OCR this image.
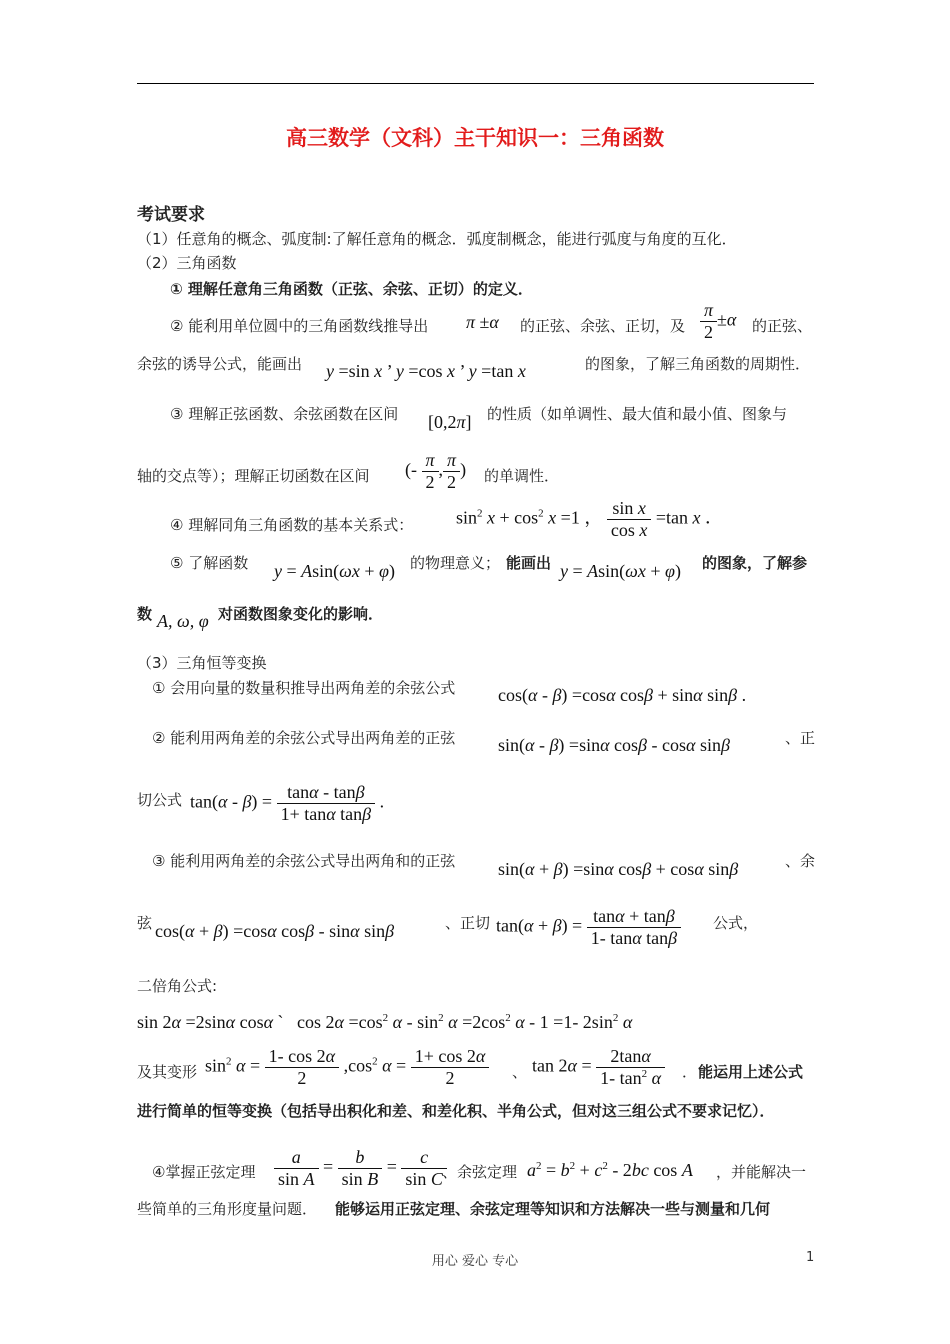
高三数学（文科）主干知识一：三角函数
考试要求
（1）任意角的概念、弧度制:了解任意角的概念．弧度制概念，能进行弧度与角度的互化．
（2）三角函数
① 理解任意角三角函数（正弦、余弦、正切）的定义．
② 能利用单位圆中的三角函数线推导出 π ±α 的正弦、余弦、正切，及 $\frac{\pi}{2} \pm\alpha$ 的正弦、
余弦的诱导公式，能画出 y =sin x ’ y =cos x ’ y =tan x	的图象，了解三角函数的周期性．
③ 理解正弦函数、余弦函数在区间 [0,2π] 的性质（如单调性、最大值和最小值、图象与
轴的交点等）；理解正切函数在区间 (- $\frac{\pi}{2}$ , $\frac{\pi}{2}$ ) 的单调性．
④ 理解同角三角函数的基本关系式： $\sin^2 x + \cos^2 x =1$ ， $\frac{\text{sin x}}{\text{cos x}} =\tan$ x ．
⑤ 了解函数 y = Asin(ωx + φ) 的物理意义； 能画出 y = Asin(ωx + φ) 的图象，了解参
数 A, ω, φ 对函数图象变化的影响．
（3）三角恒等变换
① 会用向量的数量积推导出两角差的余弦公式 cos(α - β) =cosα cosβ + sinα sinβ .
② 能利用两角差的余弦公式导出两角差的正弦 sin(α - β) =sinα cosβ - cosα sinβ	、正
切公式 $\tan(\alpha - \beta) = \frac{\tan\alpha - \tan\beta}{\text{1+ tanα tanβ}}$ .
③ 能利用两角差的余弦公式导出两角和的正弦 sin(α + β) =sinα cosβ + cosα sinβ	、余
弦 cos(α + β) =cosα cosβ - sinα sinβ	、正切 $\tan(\alpha + \beta) = \frac{\tan\alpha + \tan\beta}{\text{1- tanα tanβ}}$ 公式，
二倍角公式:
sin 2α =2sinα cosα `   $\cos 2\alpha =\cos^2$ $\alpha - \sin^2 \alpha =2\cos^2$ α - 1 =1- $2\sin^2$ α
及其变形 $\sin^2 \alpha = \frac{1- \cos 2\alpha}{2} ,\cos^2$ $\alpha = \frac{1+ \cos 2\alpha}{2}$ 、 $\tan 2\alpha = \frac{2\tan\alpha}{1- \tan^2 \alpha}$ ． 能运用上述公式
进行简单的恒等变换（包括导出积化和差、和差化积、半角公式，但对这三组公式不要求记忆）．
④掌握正弦定理 $\frac{a}{\text{sin A}} = \frac{b}{\text{sin B}} = \frac{c}{\text{sin C}}$
、余弦定理 $a^2 = b^2 + c^2 - 2bc$ cos A ，并能解决一
些简单的三角形度量问题． 能够运用正弦定理、余弦定理等知识和方法解决一些与测量和几何
用心 爱心 专心	1
